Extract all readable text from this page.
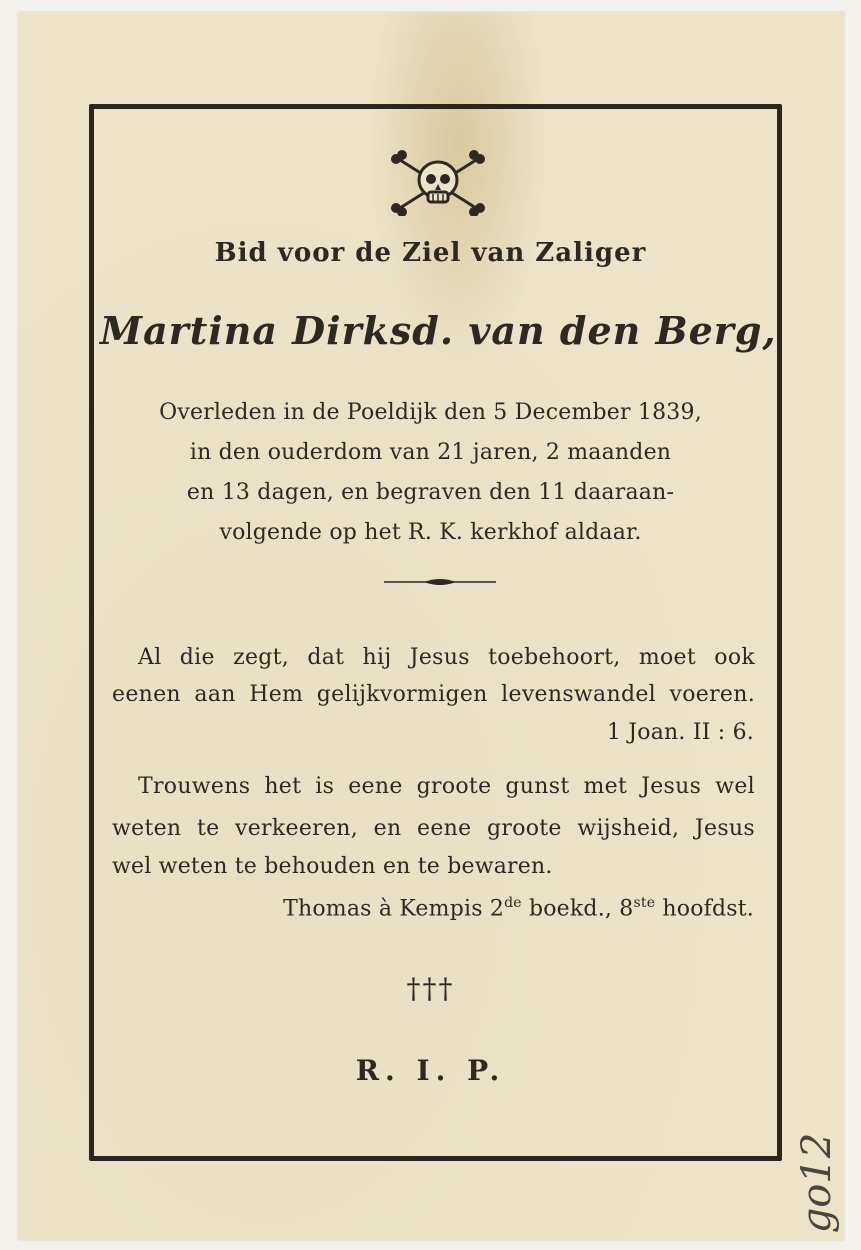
Bid voor de Ziel van Zaliger
Martina Dirksd. van den Berg,
Overleden in de Poeldijk den 5 December 1839,
in den ouderdom van 21 jaren, 2 maanden
en 13 dagen, en begraven den 11 daaraan-
volgende op het R. K. kerkhof aldaar.
Al die zegt, dat hij Jesus toebehoort, moet ook
eenen aan Hem gelijkvormigen levenswandel voeren.
1 Joan. II : 6.
Trouwens het is eene groote gunst met Jesus wel
weten te verkeeren, en eene groote wijsheid, Jesus
wel weten te behouden en te bewaren.
Thomas à Kempis 2de boekd., 8ste hoofdst.
†††
R. I. P.
go12
